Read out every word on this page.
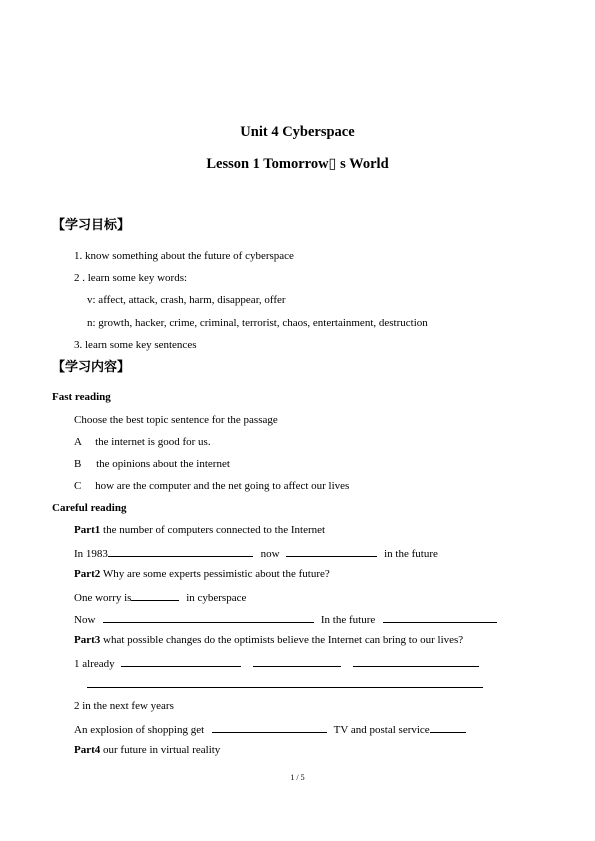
Unit 4 Cyberspace
Lesson 1 Tomorrow▯ s World
【学习目标】
1. know something about the future of cyberspace
2 . learn some key words:
v: affect, attack, crash, harm, disappear, offer
n: growth, hacker, crime, criminal, terrorist, chaos, entertainment, destruction
3. learn some key sentences
【学习内容】
Fast reading
Choose the best topic sentence for the passage
A the internet is good for us.
B the opinions about the internet
C how are the computer and the net going to affect our lives
Careful reading
Part1 the number of computers connected to the Internet
In 1983	now	in the future
Part2 Why are some experts pessimistic about the future?
One worry is	in cyberspace
Now	In the future
Part3 what possible changes do the optimists believe the Internet can bring to our lives?
1 already
2 in the next few years
An explosion of shopping get	TV and postal service
Part4 our future in virtual reality
1 / 5
